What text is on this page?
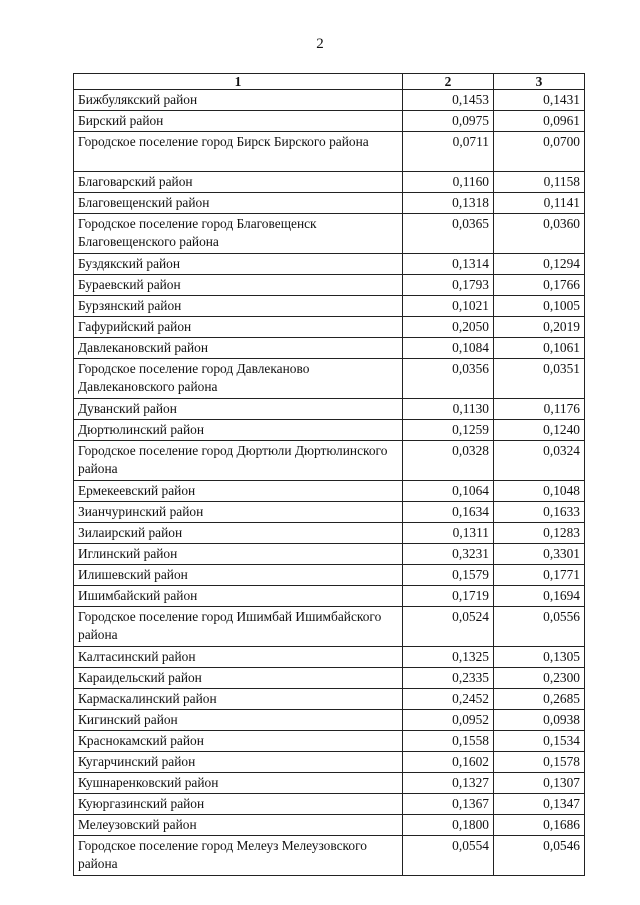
2
1	2	3
Бижбулякский район	0,1453	0,1431
Бирский район	0,0975	0,0961
Городское поселение город Бирск Бирского района	0,0711	0,0700
Благоварский район	0,1160	0,1158
Благовещенский район	0,1318	0,1141
Городское поселение город Благовещенск Благовещенского района	0,0365	0,0360
Буздякский район	0,1314	0,1294
Бураевский район	0,1793	0,1766
Бурзянский район	0,1021	0,1005
Гафурийский район	0,2050	0,2019
Давлекановский район	0,1084	0,1061
Городское поселение город Давлеканово Давлекановского района	0,0356	0,0351
Дуванский район	0,1130	0,1176
Дюртюлинский район	0,1259	0,1240
Городское поселение город Дюртюли Дюртюлинского района	0,0328	0,0324
Ермекеевский район	0,1064	0,1048
Зианчуринский район	0,1634	0,1633
Зилаирский район	0,1311	0,1283
Иглинский район	0,3231	0,3301
Илишевский район	0,1579	0,1771
Ишимбайский район	0,1719	0,1694
Городское поселение город Ишимбай Ишимбайского района	0,0524	0,0556
Калтасинский район	0,1325	0,1305
Караидельский район	0,2335	0,2300
Кармаскалинский район	0,2452	0,2685
Кигинский район	0,0952	0,0938
Краснокамский район	0,1558	0,1534
Кугарчинский район	0,1602	0,1578
Кушнаренковский район	0,1327	0,1307
Куюргазинский район	0,1367	0,1347
Мелеузовский район	0,1800	0,1686
Городское поселение город Мелеуз Мелеузовского района	0,0554	0,0546
